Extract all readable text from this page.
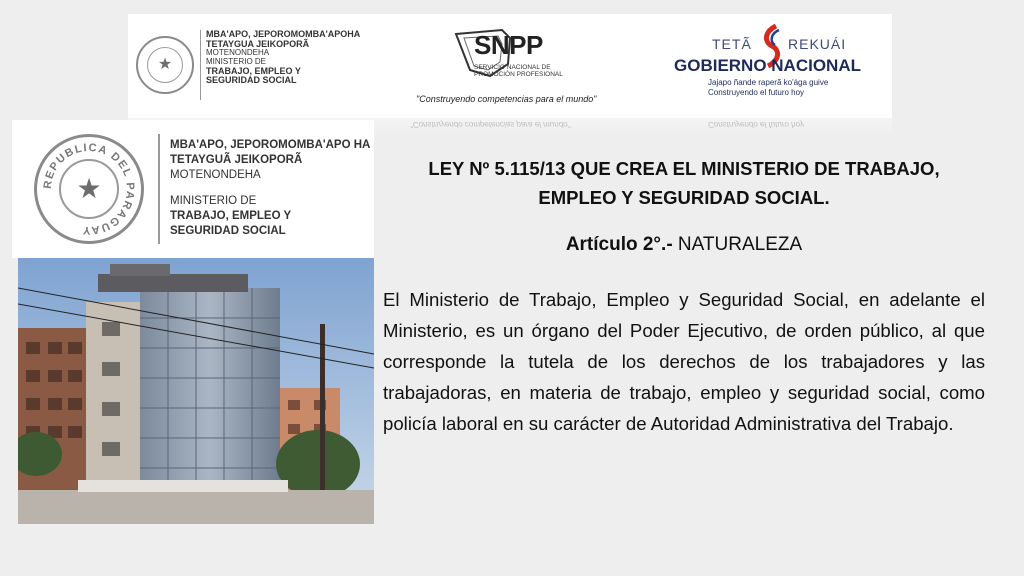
★
MBA'APO, JEPOROMOMBA'APOHA
TETAYGUA JEIKOPORÃ
MOTENONDEHA
MINISTERIO DE
TRABAJO, EMPLEO Y
SEGURIDAD SOCIAL
SNPP
SERVICIO NACIONAL DE
PROMOCIÓN PROFESIONAL
"Construyendo competencias para el mundo"
TETÃ	REKUÁI
GOBIERNO NACIONAL
Jajapo ñande raperã ko'ága guive
Construyendo el futuro hoy
"Construyendo competencias para el mundo"	Construyendo el futuro hoy
REPUBLICA DEL PARAGUAY
★
MBA'APO, JEPOROMOMBA'APO HA
TETAYGUÃ JEIKOPORÃ
MOTENONDEHA
MINISTERIO DE
TRABAJO, EMPLEO Y
SEGURIDAD SOCIAL
LEY Nº 5.115/13 QUE CREA EL MINISTERIO DE TRABAJO,
EMPLEO Y SEGURIDAD SOCIAL.
Artículo 2°.- NATURALEZA
El Ministerio de Trabajo, Empleo y Seguridad Social, en adelante el Ministerio, es un órgano del Poder Ejecutivo, de orden público, al que corresponde la tutela de los derechos de los trabajadores y las trabajadoras, en materia de trabajo, empleo y seguridad social, como policía laboral en su carácter de Autoridad Administrativa del Trabajo.
